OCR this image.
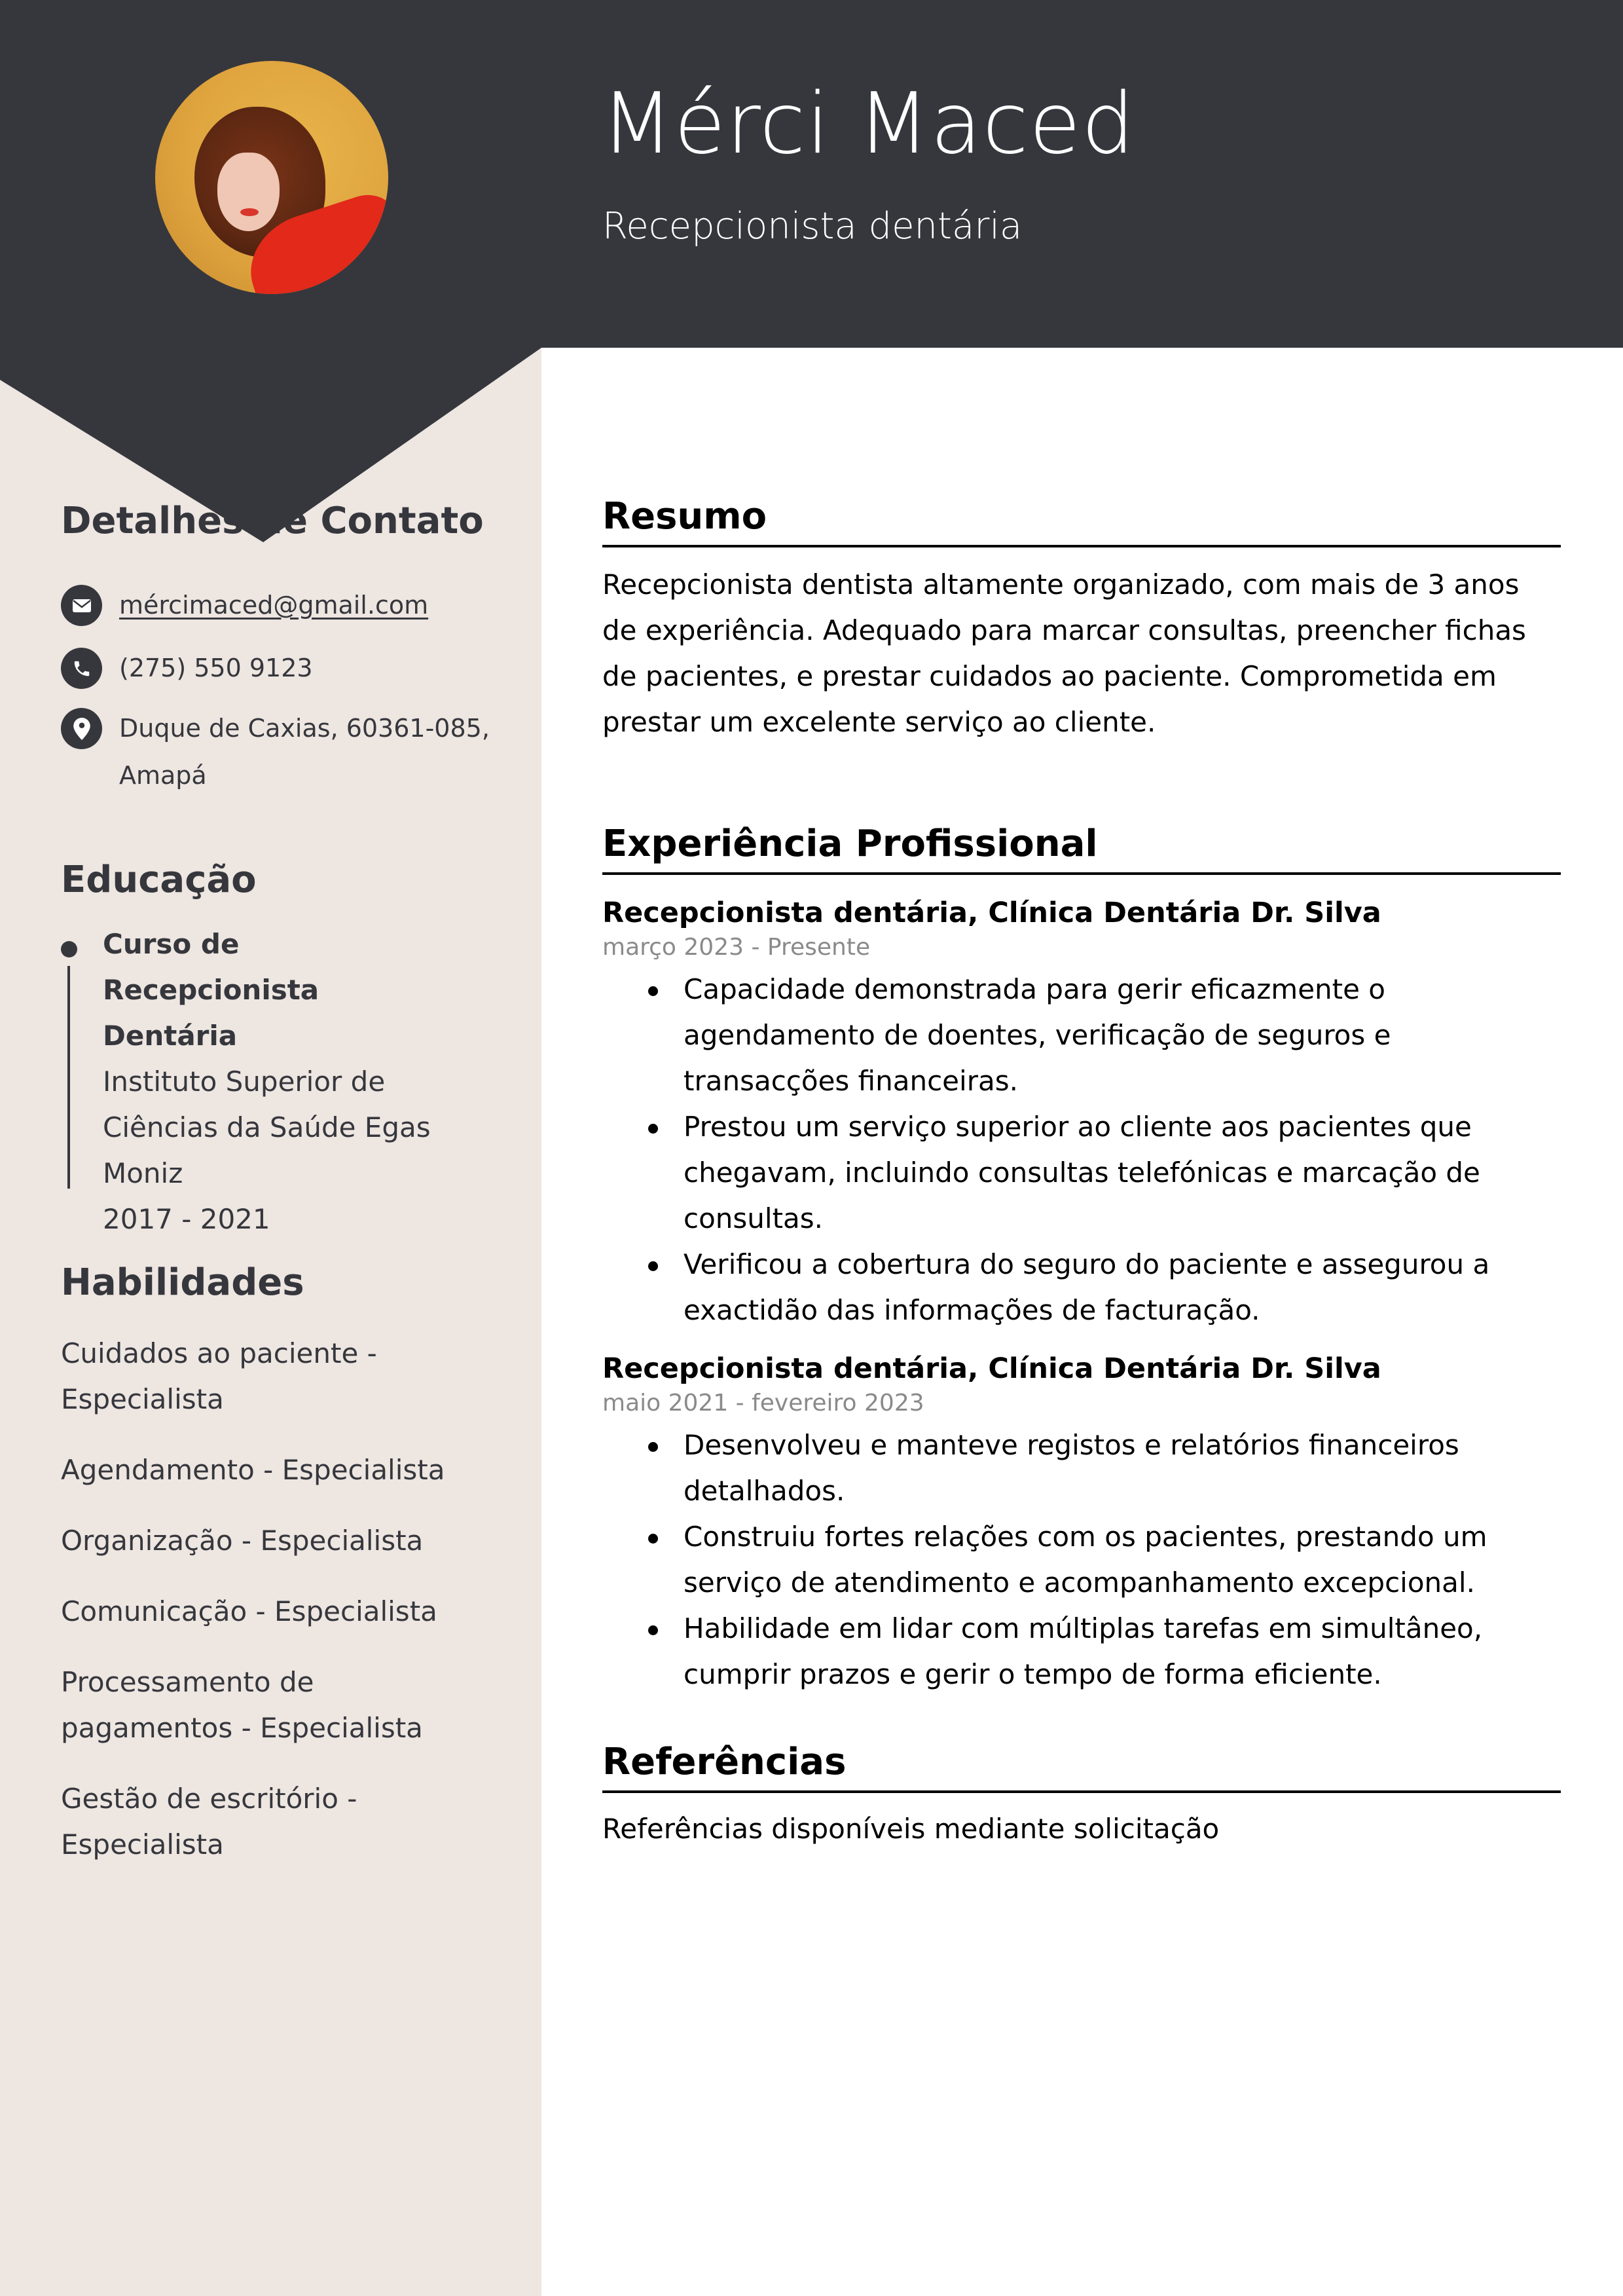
Mérci Maced
Recepcionista dentária
Detalhes de Contato
mércimaced@gmail.com
(275) 550 9123
Duque de Caxias, 60361-085,
Amapá
Educação
Curso de Recepcionista
Dentária
Instituto Superior de
Ciências da Saúde Egas
Moniz
2017 - 2021
Habilidades
Cuidados ao paciente - Especialista
Agendamento - Especialista
Organização - Especialista
Comunicação - Especialista
Processamento de pagamentos - Especialista
Gestão de escritório - Especialista
Resumo

Recepcionista dentista altamente organizado, com mais de 3 anos de experiência. Adequado para marcar consultas, preencher fichas de pacientes, e prestar cuidados ao paciente. Comprometida em prestar um excelente serviço ao cliente.

Experiência Profissional
Recepcionista dentária, Clínica Dentária Dr. Silva
março 2023 - Presente
Capacidade demonstrada para gerir eficazmente o agendamento de doentes, verificação de seguros e transacções financeiras.
Prestou um serviço superior ao cliente aos pacientes que chegavam, incluindo consultas telefónicas e marcação de consultas.
Verificou a cobertura do seguro do paciente e assegurou a exactidão das informações de facturação.
Recepcionista dentária, Clínica Dentária Dr. Silva
maio 2021 - fevereiro 2023
Desenvolveu e manteve registos e relatórios financeiros detalhados.
Construiu fortes relações com os pacientes, prestando um serviço de atendimento e acompanhamento excepcional.
Habilidade em lidar com múltiplas tarefas em simultâneo, cumprir prazos e gerir o tempo de forma eficiente.
Referências

Referências disponíveis mediante solicitação
